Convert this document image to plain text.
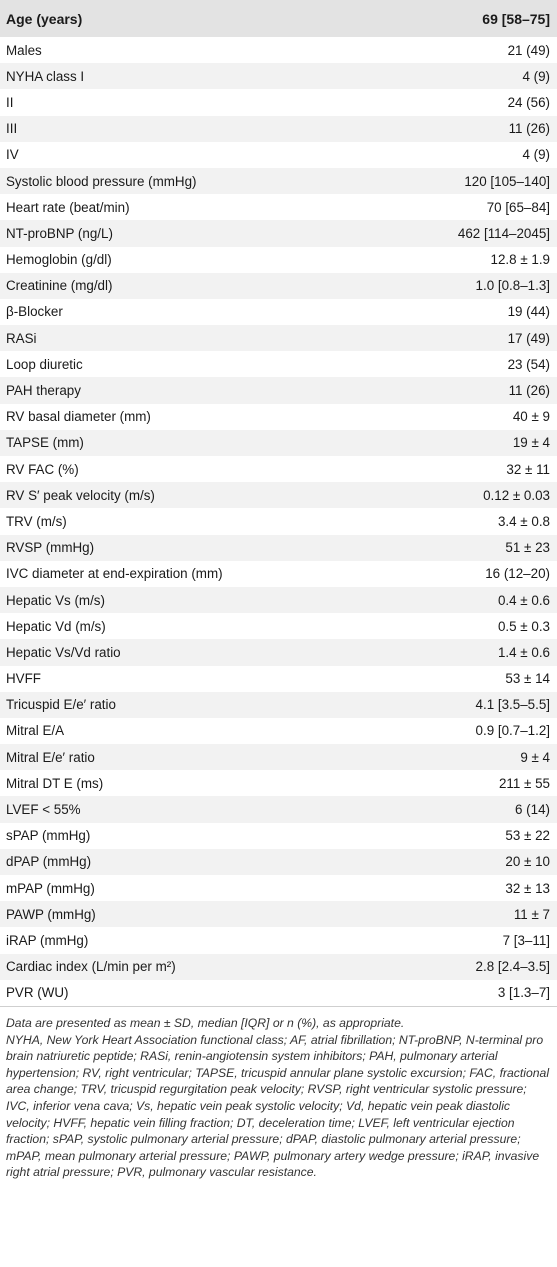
Age (years)	69 [58–75]
Males	21 (49)
NYHA class I	4 (9)
II	24 (56)
III	11 (26)
IV	4 (9)
Systolic blood pressure (mmHg)	120 [105–140]
Heart rate (beat/min)	70 [65–84]
NT-proBNP (ng/L)	462 [114–2045]
Hemoglobin (g/dl)	12.8 ± 1.9
Creatinine (mg/dl)	1.0 [0.8–1.3]
β-Blocker	19 (44)
RASi	17 (49)
Loop diuretic	23 (54)
PAH therapy	11 (26)
RV basal diameter (mm)	40 ± 9
TAPSE (mm)	19 ± 4
RV FAC (%)	32 ± 11
RV S′ peak velocity (m/s)	0.12 ± 0.03
TRV (m/s)	3.4 ± 0.8
RVSP (mmHg)	51 ± 23
IVC diameter at end-expiration (mm)	16 (12–20)
Hepatic Vs (m/s)	0.4 ± 0.6
Hepatic Vd (m/s)	0.5 ± 0.3
Hepatic Vs/Vd ratio	1.4 ± 0.6
HVFF	53 ± 14
Tricuspid E/e′ ratio	4.1 [3.5–5.5]
Mitral E/A	0.9 [0.7–1.2]
Mitral E/e′ ratio	9 ± 4
Mitral DT E (ms)	211 ± 55
LVEF < 55%	6 (14)
sPAP (mmHg)	53 ± 22
dPAP (mmHg)	20 ± 10
mPAP (mmHg)	32 ± 13
PAWP (mmHg)	11 ± 7
iRAP (mmHg)	7 [3–11]
Cardiac index (L/min per m²)	2.8 [2.4–3.5]
PVR (WU)	3 [1.3–7]

Data are presented as mean ± SD, median [IQR] or n (%), as appropriate.

NYHA, New York Heart Association functional class; AF, atrial fibrillation; NT-proBNP, N-terminal pro brain natriuretic peptide; RASi, renin-angiotensin system inhibitors; PAH, pulmonary arterial hypertension; RV, right ventricular; TAPSE, tricuspid annular plane systolic excursion; FAC, fractional area change; TRV, tricuspid regurgitation peak velocity; RVSP, right ventricular systolic pressure; IVC, inferior vena cava; Vs, hepatic vein peak systolic velocity; Vd, hepatic vein peak diastolic velocity; HVFF, hepatic vein filling fraction; DT, deceleration time; LVEF, left ventricular ejection fraction; sPAP, systolic pulmonary arterial pressure; dPAP, diastolic pulmonary arterial pressure; mPAP, mean pulmonary arterial pressure; PAWP, pulmonary artery wedge pressure; iRAP, invasive right atrial pressure; PVR, pulmonary vascular resistance.
